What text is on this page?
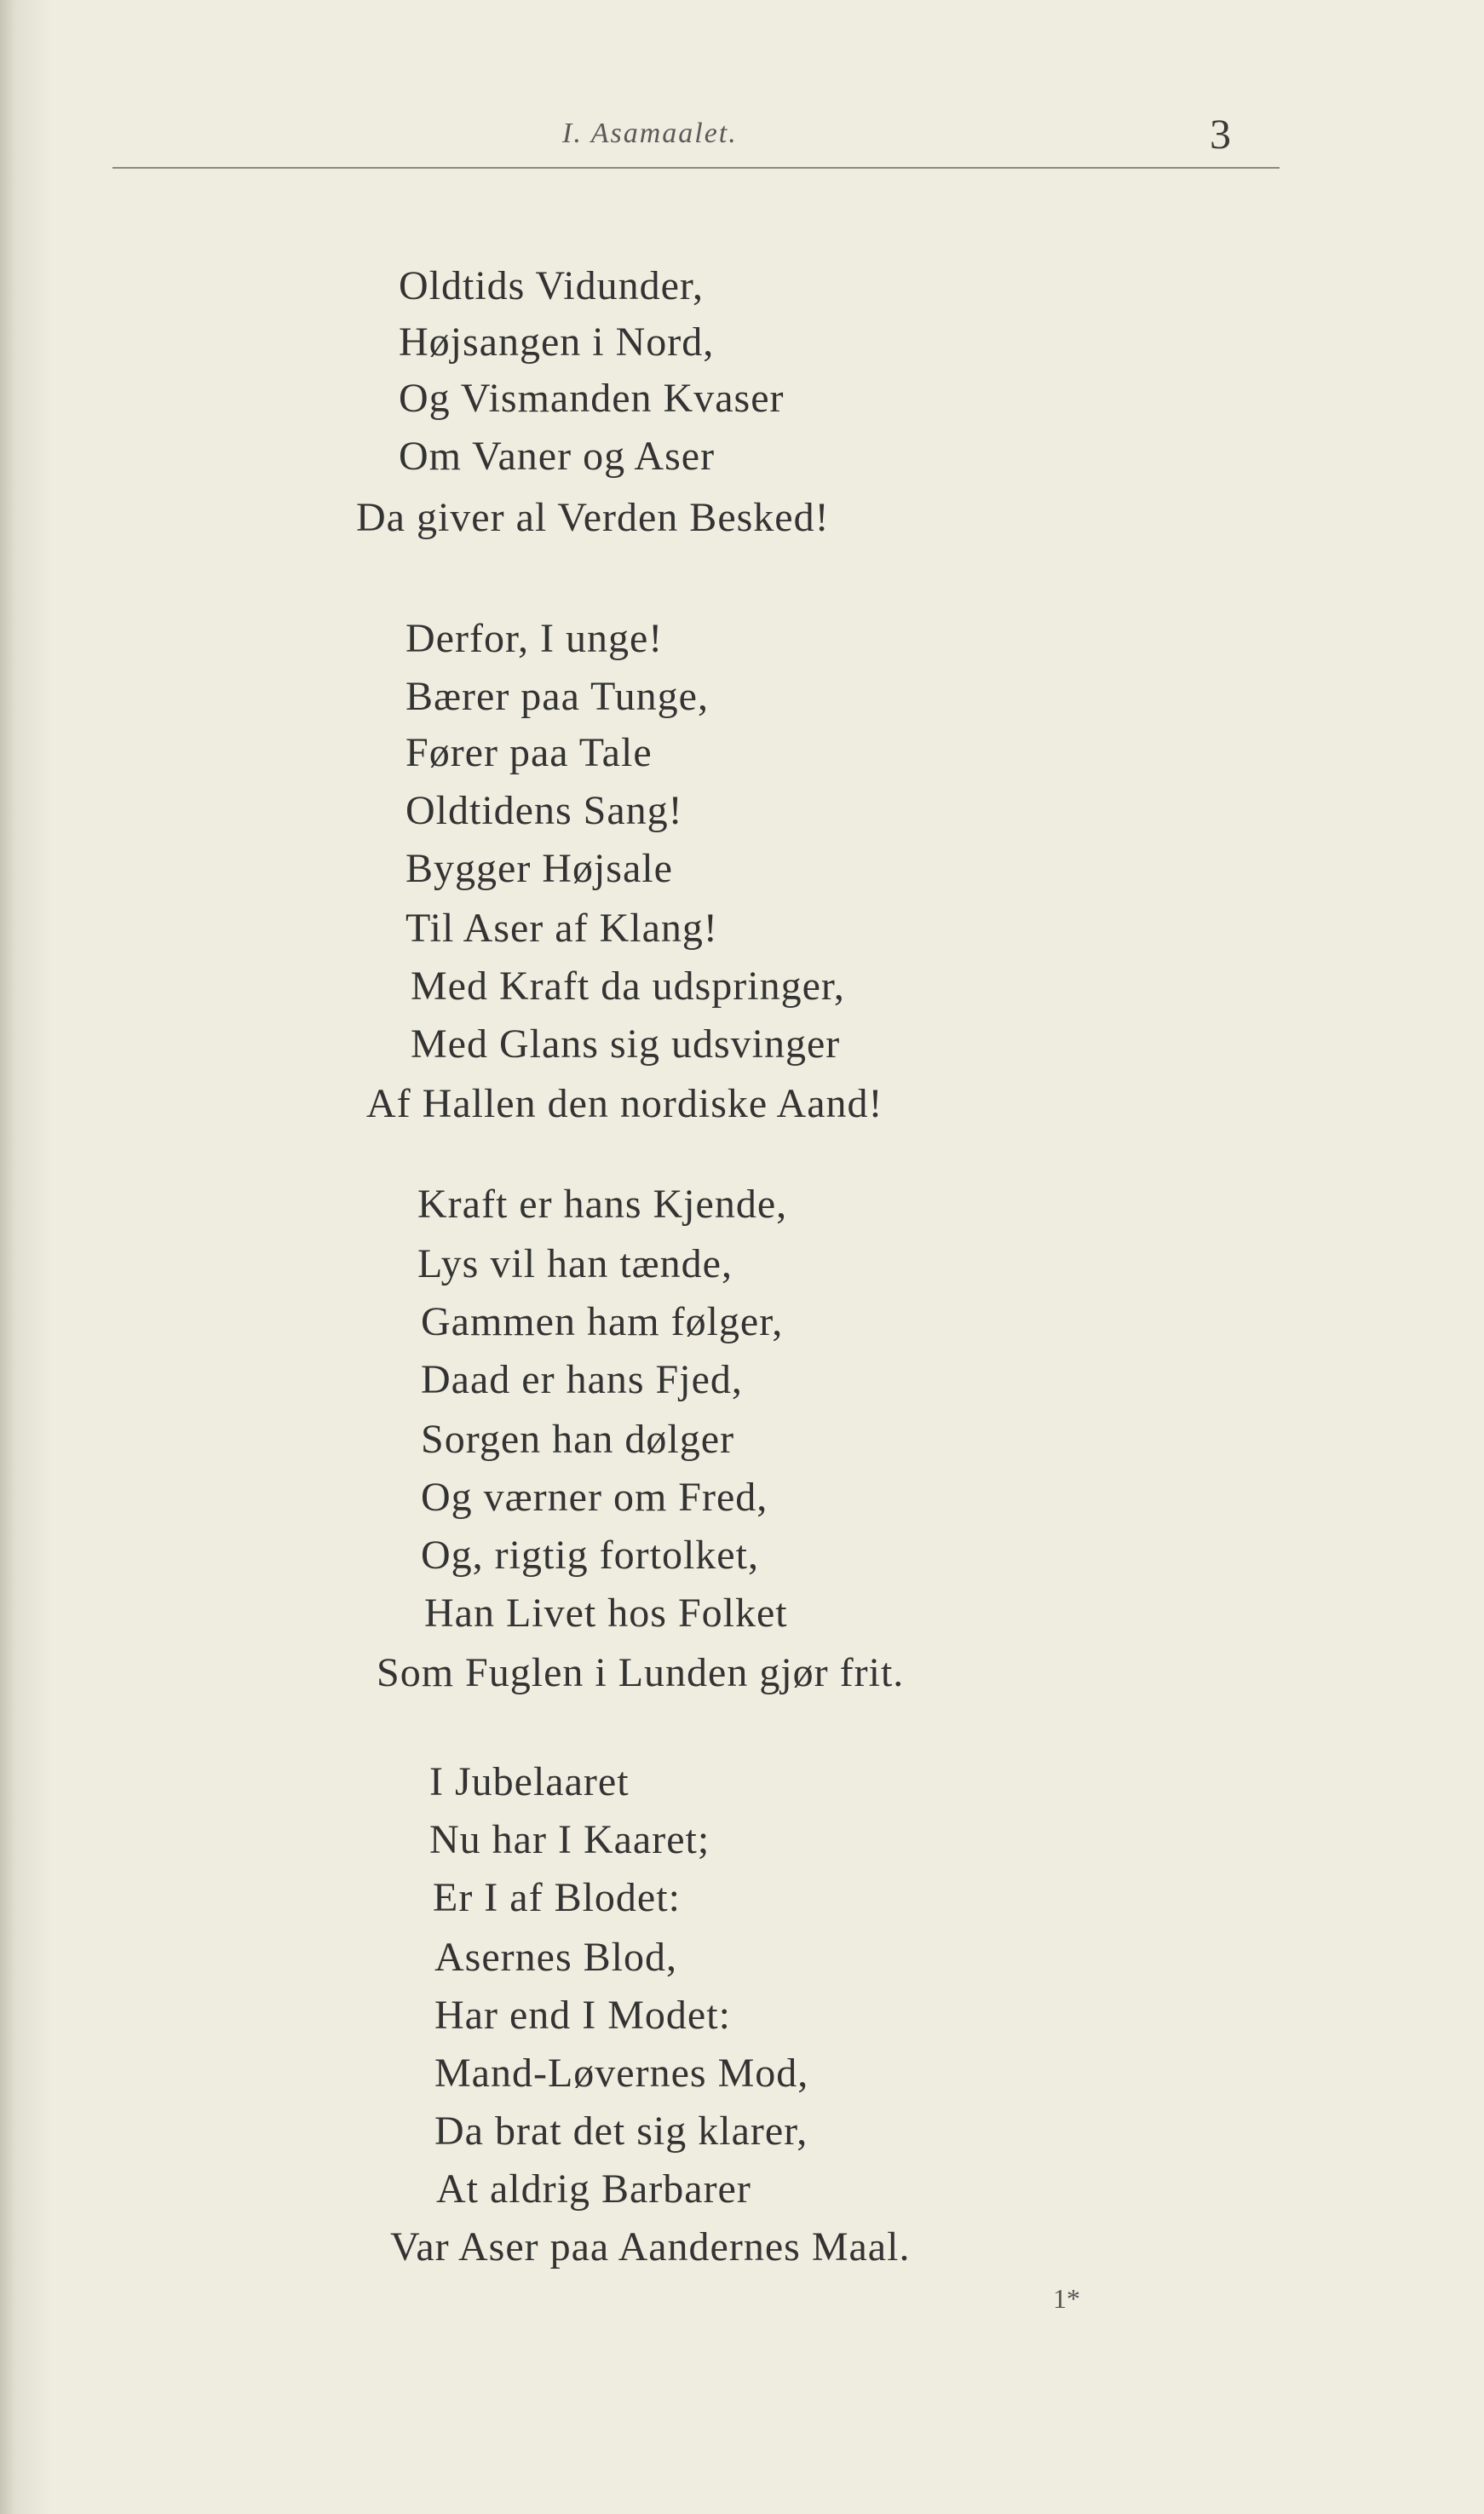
I. Asamaalet.	3
Oldtids Vidunder,
Højsangen i Nord,
Og Vismanden Kvaser
Om Vaner og Aser
Da giver al Verden Besked!
Derfor, I unge!
Bærer paa Tunge,
Fører paa Tale
Oldtidens Sang!
Bygger Højsale
Til Aser af Klang!
Med Kraft da udspringer,
Med Glans sig udsvinger
Af Hallen den nordiske Aand!
Kraft er hans Kjende,
Lys vil han tænde,
Gammen ham følger,
Daad er hans Fjed,
Sorgen han dølger
Og værner om Fred,
Og, rigtig fortolket,
Han Livet hos Folket
Som Fuglen i Lunden gjør frit.
I Jubelaaret
Nu har I Kaaret;
Er I af Blodet:
Asernes Blod,
Har end I Modet:
Mand-Løvernes Mod,
Da brat det sig klarer,
At aldrig Barbarer
Var Aser paa Aandernes Maal.
1*
